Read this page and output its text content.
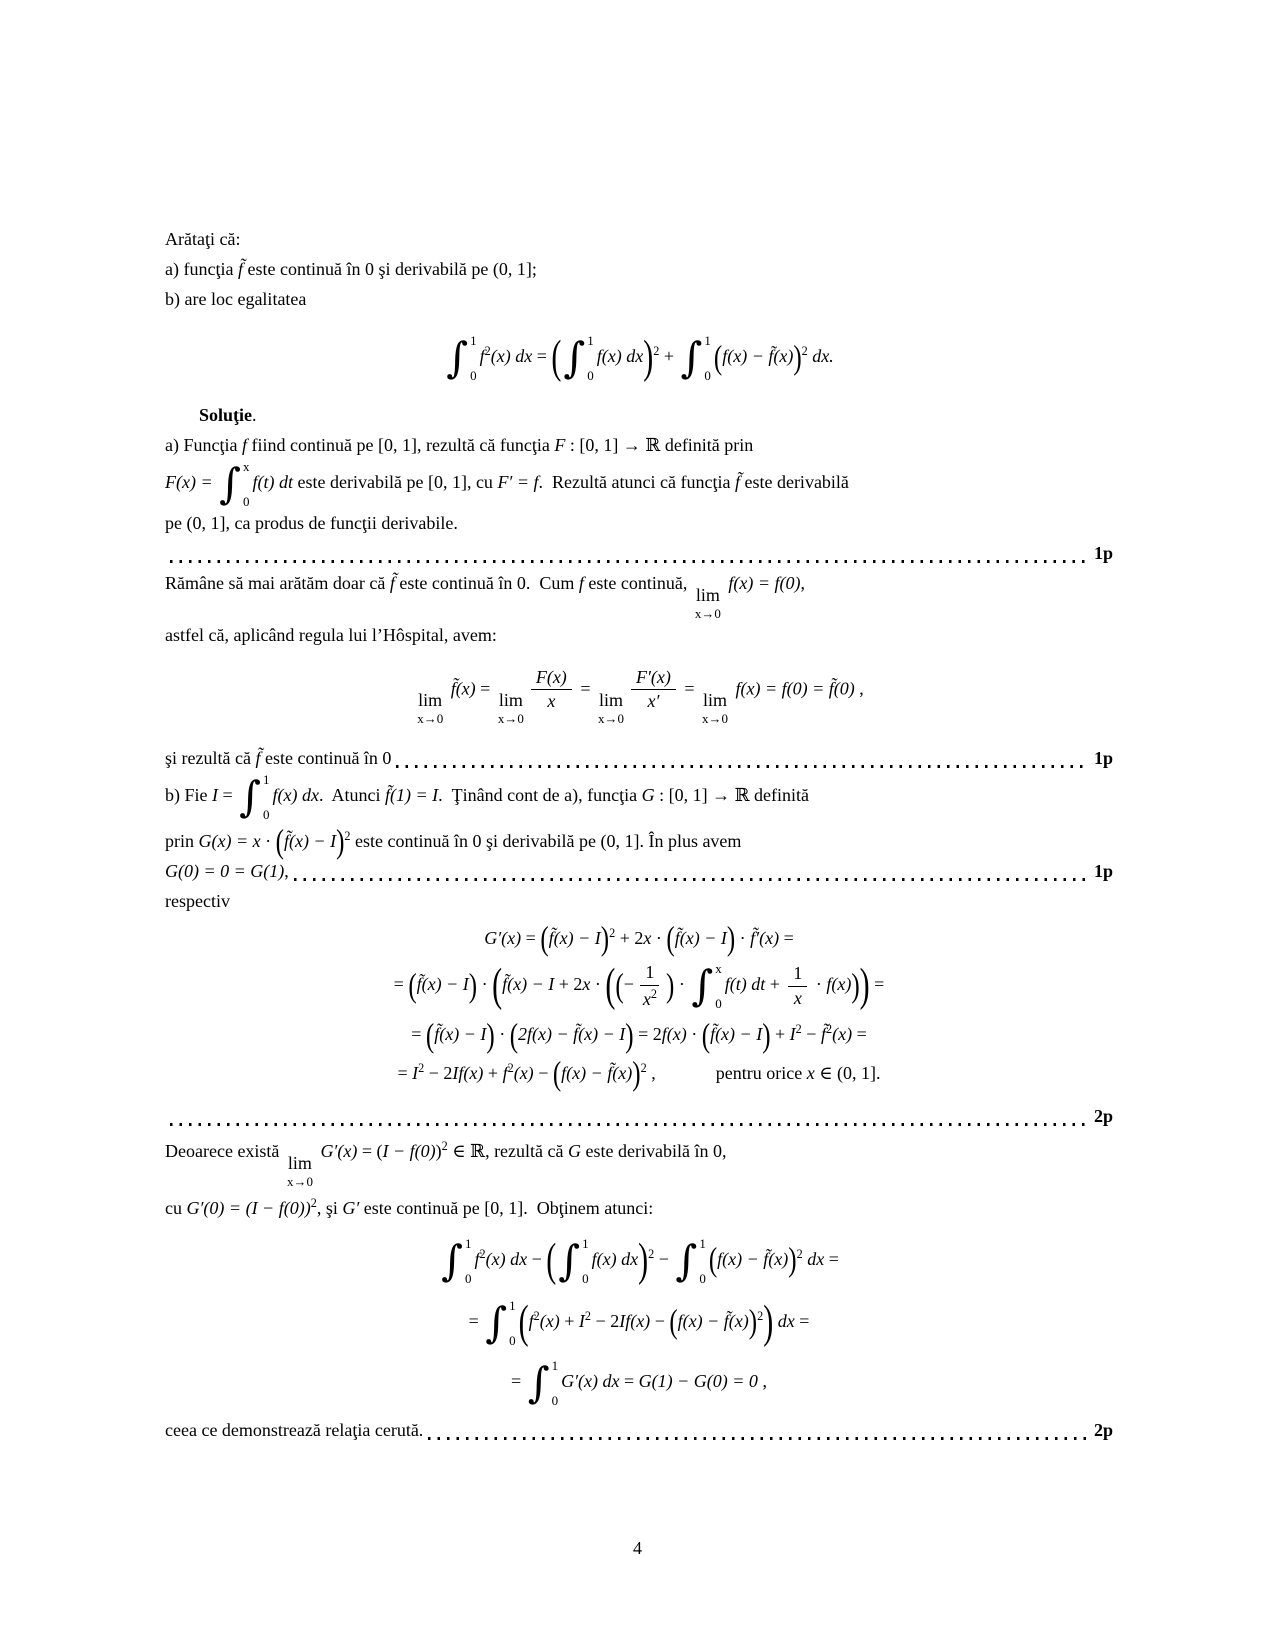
Arătaţi că:
a) funcţia f̃ este continuă în 0 şi derivabilă pe (0, 1];
b) are loc egalitatea
∫ 1
0
$f^2(x)$ dx = ( ∫ 1
0
f(x) dx)$^2$ + ∫ 1
0 (f(x) − f̃(x))$^2$ dx.
Soluţie.
a) Funcţia f fiind continuă pe [0, 1], rezultă că funcţia F : [0, 1] → ℝ definită prin
F(x) = ∫ x
0
f(t) dt este derivabilă pe [0, 1], cu F′ = f.  Rezultă atunci că funcţia f̃ este derivabilă
pe (0, 1], ca produs de funcţii derivabile.
1p
Rămâne să mai arătăm doar că f̃ este continuă în 0.  Cum f este continuă,
lim
x→0
f(x) = f(0),
astfel că, aplicând regula lui l’Hôspital, avem:
lim
x→0
f̃(x) =
lim
x→0
$\frac{F(x)}{x}$ =
lim
x→0
$\frac{F'(x)}{x'}$ =
lim
x→0
f(x) = f(0) = f̃(0) ,
şi rezultă că f̃ este continuă în 0	1p
b) Fie I = ∫ 1
0
f(x) dx.  Atunci f̃(1) = I.  Ţinând cont de a), funcţia G : [0, 1] → ℝ definită
prin G(x) = x · (f̃(x) − I)$^2$ este continuă în 0 şi derivabilă pe (0, 1]. În plus avem
G(0) = 0 = G(1) ,	1p
respectiv
G′(x) = (f̃(x) − I)$^2$ + 2x · (f̃(x) − I) · f̃′(x) =
= (f̃(x) − I) · (f̃(x) − I + 2x · ((− $\frac{1}{x^2}$ ) · ∫ x
0
f(t) dt + $\frac{1}{x} \cdot f(x)$)) =
= (f̃(x) − I) · (2f(x) − f̃(x) − I) = 2f(x) · (f̃(x) − $I) + I^2$ − f̃$^2$(x) =
= $I^2 - 2If(x) + f^2(x) - (f(x)$ − f̃(x))$^2$ ,	pentru orice x ∈ (0, 1].
2p
Deoarece există
lim
x→0
$G'(x) = (I - f(0))^2$ ∈ ℝ, rezultă că G este derivabilă în 0,
cu $G'(0) = (I - f(0))^2$, şi G′ este continuă pe [0, 1].  Obţinem atunci:
∫ 1
0
$f^2(x)$ dx − ( ∫ 1
0
f(x) dx)$^2$ − ∫ 1
0 (f(x) − f̃(x))$^2$ dx =
= ∫ 1
0 ($f^2(x) + I^2 - 2If(x) - (f(x)$ − f̃(x))$^2$) dx =
= ∫ 1
0
G′(x) dx = G(1) − G(0) = 0 ,
ceea ce demonstrează relaţia cerută.	2p
4
